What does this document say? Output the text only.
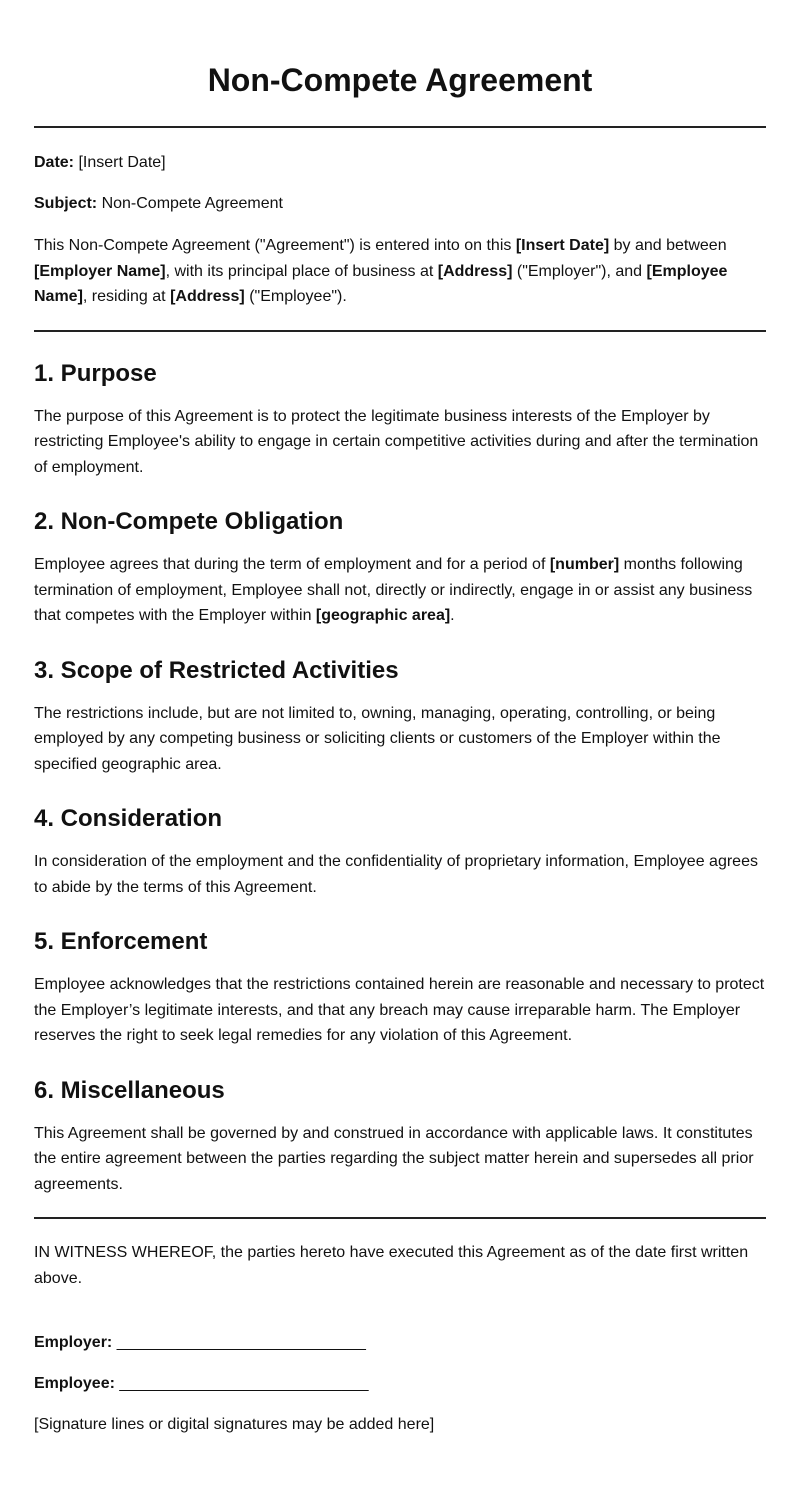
Non-Compete Agreement
Date: [Insert Date]
Subject: Non-Compete Agreement

This Non-Compete Agreement ("Agreement") is entered into on this [Insert Date] by and between [Employer Name], with its principal place of business at [Address] ("Employer"), and [Employee Name], residing at [Address] ("Employee").

1. Purpose

The purpose of this Agreement is to protect the legitimate business interests of the Employer by restricting Employee's ability to engage in certain competitive activities during and after the termination of employment.

2. Non-Compete Obligation

Employee agrees that during the term of employment and for a period of [number] months following termination of employment, Employee shall not, directly or indirectly, engage in or assist any business that competes with the Employer within [geographic area].

3. Scope of Restricted Activities

The restrictions include, but are not limited to, owning, managing, operating, controlling, or being employed by any competing business or soliciting clients or customers of the Employer within the specified geographic area.

4. Consideration

In consideration of the employment and the confidentiality of proprietary information, Employee agrees to abide by the terms of this Agreement.

5. Enforcement

Employee acknowledges that the restrictions contained herein are reasonable and necessary to protect the Employer’s legitimate interests, and that any breach may cause irreparable harm. The Employer reserves the right to seek legal remedies for any violation of this Agreement.

6. Miscellaneous

This Agreement shall be governed by and construed in accordance with applicable laws. It constitutes the entire agreement between the parties regarding the subject matter herein and supersedes all prior agreements.

IN WITNESS WHEREOF, the parties hereto have executed this Agreement as of the date first written above.

Employer: ____________________________
Employee: ____________________________
[Signature lines or digital signatures may be added here]
